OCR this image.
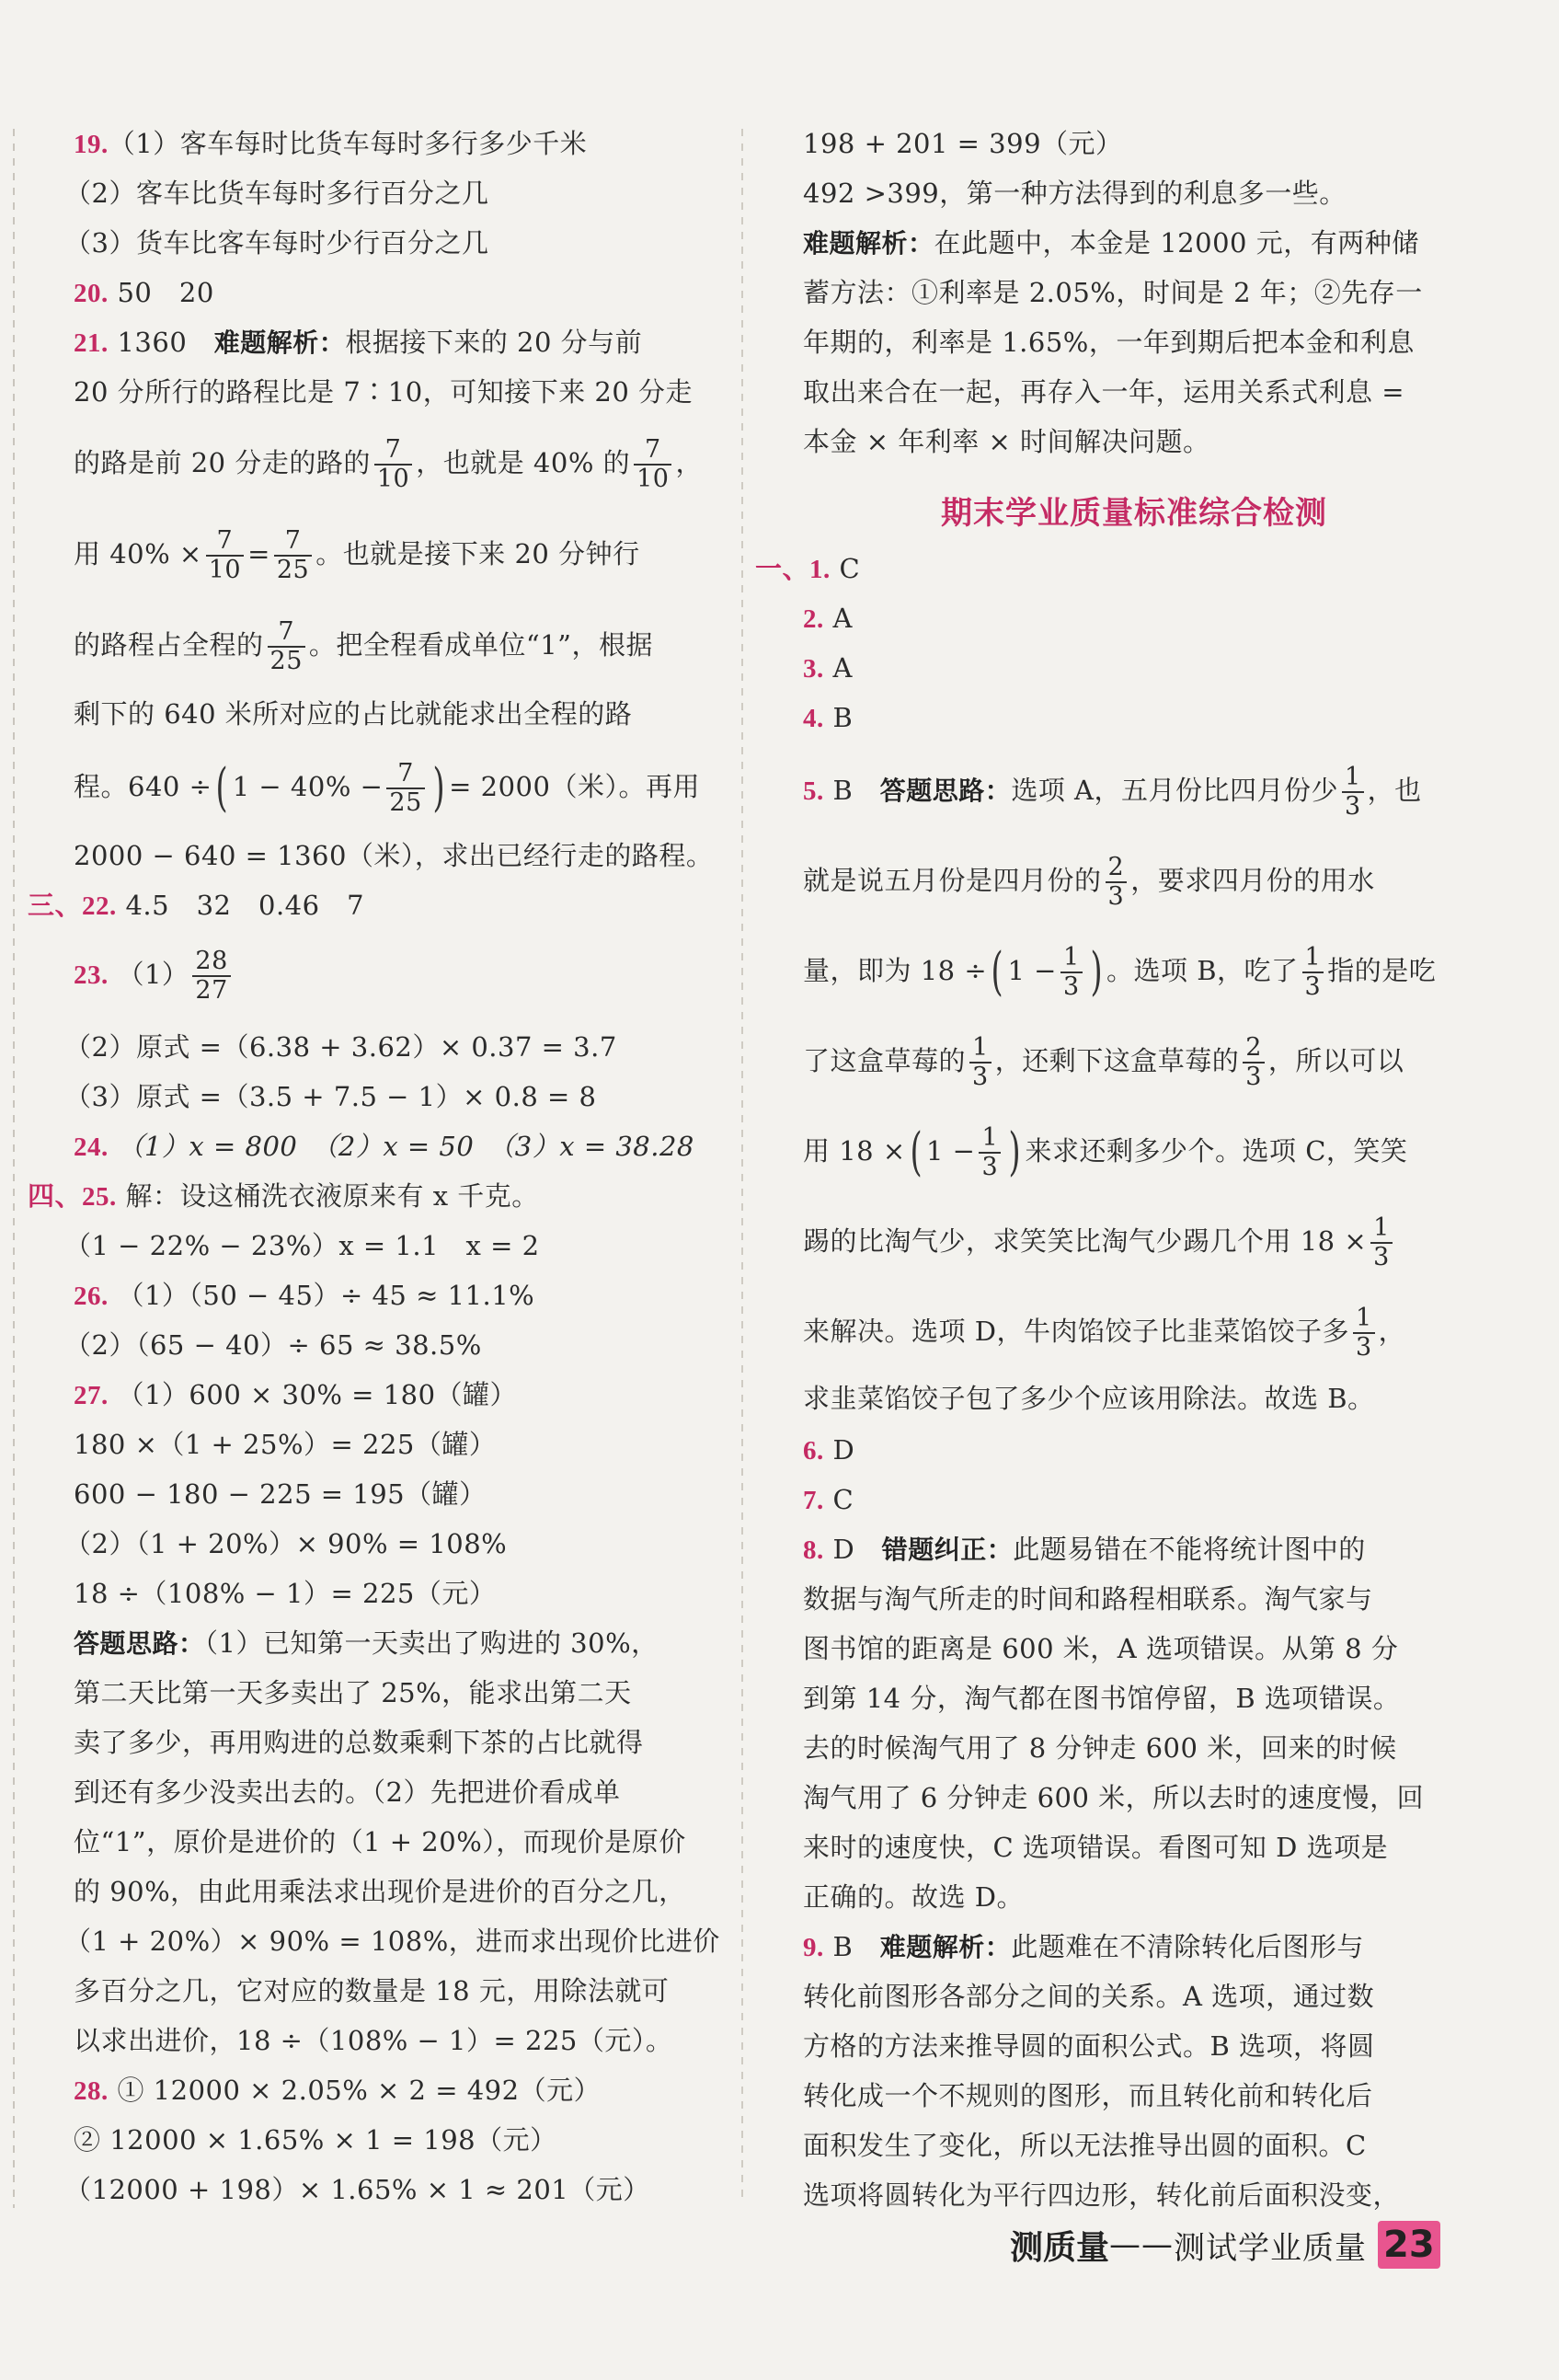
19.（1）客车每时比货车每时多行多少千米
（2）客车比货车每时多行百分之几
（3）货车比客车每时少行百分之几
20. 50　20
21. 1360　 难题解析：根据接下来的 20 分与前
20 分所行的路程比是 7∶10，可知接下来 20 分走
的路是前 20 分走的路的 $\frac{7}{10}$ ，也就是 40% 的 $\frac{7}{10}$ ，
用 $40\% \times \frac{7}{10} = \frac{7}{25}$ 。也就是接下来 20 分钟行
的路程占全程的 $\frac{7}{25}$ 。把全程看成单位“1”，根据
剩下的 640 米所对应的占比就能求出全程的路
程。640 ÷( $1 - 40\% - \frac{7}{25}$ ) = 2000（米）。再用
2000 − 640 = 1360（米），求出已经行走的路程。
三、22. 4.5　32　0.46　7
23. $(1) \frac{28}{27}$
（2）原式 =（6.38 + 3.62）× 0.37 = 3.7
（3）原式 =（3.5 + 7.5 − 1）× 0.8 = 8
24. （1）x = 800　（2）x = 50　（3）x = 38.28
四、25. 解：设这桶洗衣液原来有 x 千克。
（1 − 22% − 23%）x = 1.1　x = 2
26. （1）（50 − 45）÷ 45 ≈ 11.1%
（2）（65 − 40）÷ 65 ≈ 38.5%
27. （1）600 × 30% = 180（罐）
180 ×（1 + 25%）= 225（罐）
600 − 180 − 225 = 195（罐）
（2）（1 + 20%）× 90% = 108%
18 ÷（108% − 1）= 225（元）
答题思路：（1）已知第一天卖出了购进的 30%，
第二天比第一天多卖出了 25%，能求出第二天
卖了多少，再用购进的总数乘剩下茶的占比就得
到还有多少没卖出去的。（2）先把进价看成单
位“1”，原价是进价的（1 + 20%），而现价是原价
的 90%，由此用乘法求出现价是进价的百分之几，
（1 + 20%）× 90% = 108%，进而求出现价比进价
多百分之几，它对应的数量是 18 元，用除法就可
以求出进价，18 ÷（108% − 1）= 225（元）。
28. ① 12000 × 2.05% × 2 = 492（元）
② 12000 × 1.65% × 1 = 198（元）
（12000 + 198）× 1.65% × 1 ≈ 201（元）
198 + 201 = 399（元）
492 >399，第一种方法得到的利息多一些。
难题解析：在此题中，本金是 12000 元，有两种储
蓄方法：①利率是 2.05%，时间是 2 年；②先存一
年期的，利率是 1.65%，一年到期后把本金和利息
取出来合在一起，再存入一年，运用关系式利息 =
本金 × 年利率 × 时间解决问题。
期末学业质量标准综合检测
一、1. C
2. A
3. A
4. B
5. B　 答题思路：选项 A，五月份比四月份少 $\frac{1}{3}$ ，也
就是说五月份是四月份的 $\frac{2}{3}$ ，要求四月份的用水
量，即为 18 ÷( $1 - \frac{1}{3}$ ) 。选项 B，吃了 $\frac{1}{3}$ 指的是吃
了这盒草莓的 $\frac{1}{3}$ ，还剩下这盒草莓的 $\frac{2}{3}$ ，所以可以
用 18 ×( $1 - \frac{1}{3}$ ) 来求还剩多少个。选项 C，笑笑
踢的比淘气少，求笑笑比淘气少踢几个用 $18 \times \frac{1}{3}$
来解决。选项 D，牛肉馅饺子比韭菜馅饺子多 $\frac{1}{3}$ ，
求韭菜馅饺子包了多少个应该用除法。故选 B。
6. D
7. C
8. D　 错题纠正：此题易错在不能将统计图中的
数据与淘气所走的时间和路程相联系。淘气家与
图书馆的距离是 600 米，A 选项错误。从第 8 分
到第 14 分，淘气都在图书馆停留，B 选项错误。
去的时候淘气用了 8 分钟走 600 米，回来的时候
淘气用了 6 分钟走 600 米，所以去时的速度慢，回
来时的速度快，C 选项错误。看图可知 D 选项是
正确的。故选 D。
9. B　 难题解析：此题难在不清除转化后图形与
转化前图形各部分之间的关系。A 选项，通过数
方格的方法来推导圆的面积公式。B 选项，将圆
转化成一个不规则的图形，而且转化前和转化后
面积发生了变化，所以无法推导出圆的面积。C
选项将圆转化为平行四边形，转化前后面积没变，
测质量 —— 测试学业质量 23
